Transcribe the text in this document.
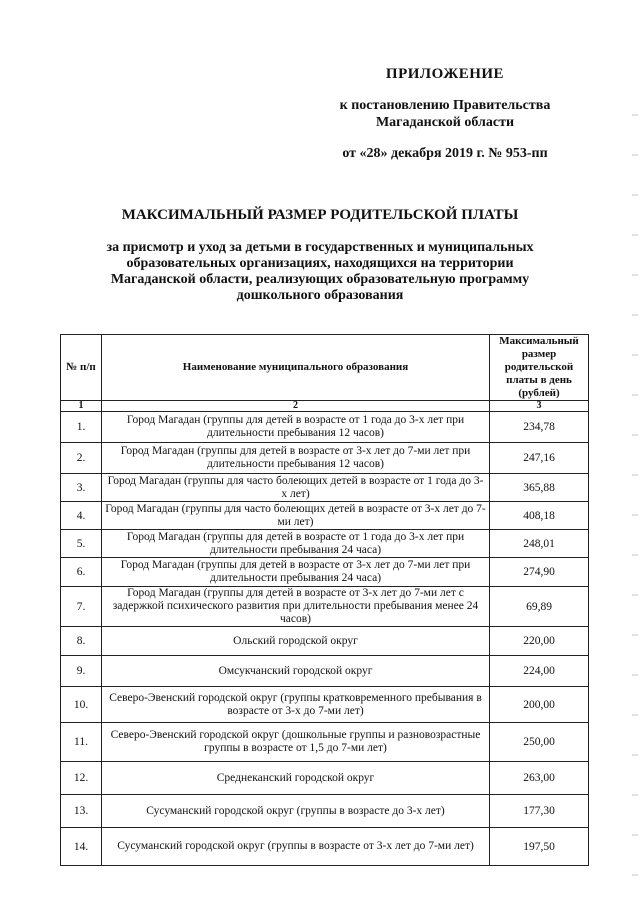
ПРИЛОЖЕНИЕ
к постановлению Правительства
Магаданской области
от «28» декабря 2019 г. № 953-пп
МАКСИМАЛЬНЫЙ РАЗМЕР РОДИТЕЛЬСКОЙ ПЛАТЫ
за присмотр и уход за детьми в государственных и муниципальных
образовательных организациях, находящихся на территории
Магаданской области, реализующих образовательную программу
дошкольного образования
№ п/п	Наименование муниципального образования	Максимальный размер родительской платы в день (рублей)
1	2	3
1.	Город Магадан (группы для детей в возрасте от 1 года до 3-х лет при длительности пребывания 12 часов)	234,78
2.	Город Магадан (группы для детей в возрасте от 3-х лет до 7-ми лет при длительности пребывания 12 часов)	247,16
3.	Город Магадан (группы для часто болеющих детей в возрасте от 1 года до 3-х лет)	365,88
4.	Город Магадан (группы для часто болеющих детей в возрасте от 3-х лет до 7-ми лет)	408,18
5.	Город Магадан (группы для детей в возрасте от 1 года до 3-х лет при длительности пребывания 24 часа)	248,01
6.	Город Магадан (группы для детей в возрасте от 3-х лет до 7-ми лет при длительности пребывания 24 часа)	274,90
7.	Город Магадан (группы для детей в возрасте от 3-х лет до 7-ми лет с задержкой психического развития при длительности пребывания менее 24 часов)	69,89
8.	Ольский городской округ	220,00
9.	Омсукчанский городской округ	224,00
10.	Северо-Эвенский городской округ (группы кратковременного пребывания в возрасте от 3-х до 7-ми лет)	200,00
11.	Северо-Эвенский городской округ (дошкольные группы и разновозрастные группы в возрасте от 1,5 до 7-ми лет)	250,00
12.	Среднеканский городской округ	263,00
13.	Сусуманский городской округ (группы в возрасте до 3-х лет)	177,30
14.	Сусуманский городской округ (группы в возрасте от 3-х лет до 7-ми лет)	197,50
